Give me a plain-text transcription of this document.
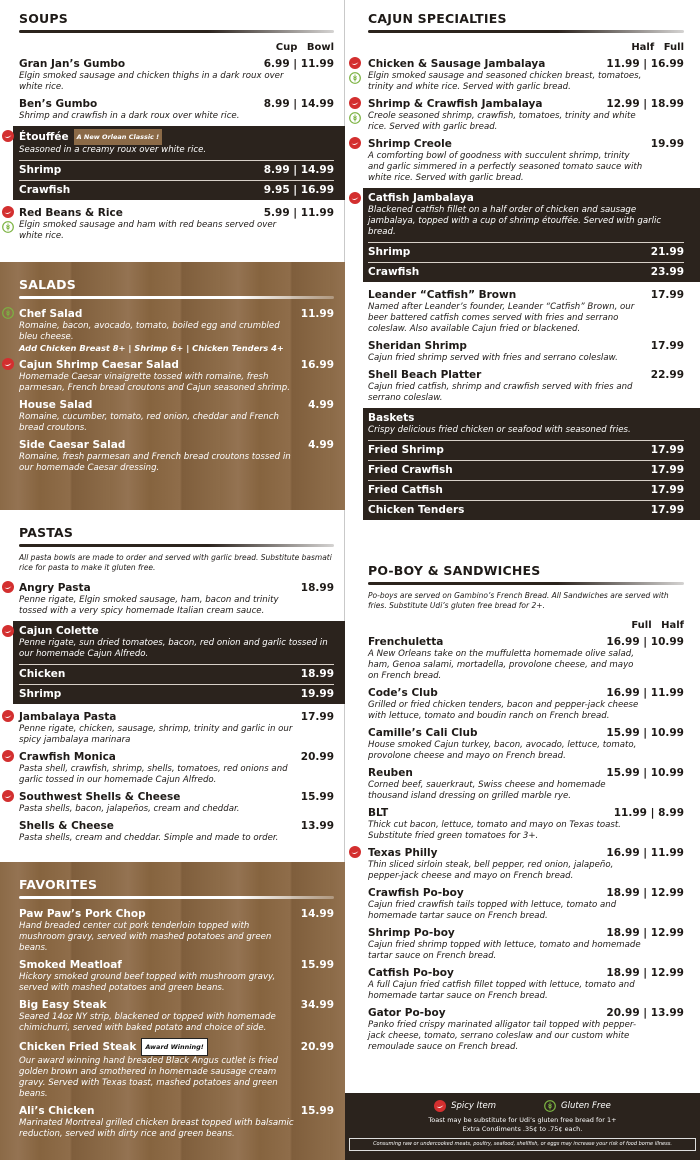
SOUPS
Cup Bowl
Gran Jan’s Gumbo	6.99 | 11.99
Elgin smoked sausage and chicken thighs in a dark roux over white rice.
Ben’s Gumbo	8.99 | 14.99
Shrimp and crawfish in a dark roux over white rice.
Étouffée	A New Orlean Classic !
Seasoned in a creamy roux over white rice.
Shrimp	8.99 | 14.99
Crawfish	9.95 | 16.99
Red Beans & Rice	5.99 | 11.99
Elgin smoked sausage and ham with red beans served over white rice.
SALADS
Chef Salad	11.99
Romaine, bacon, avocado, tomato, boiled egg and crumbled bleu cheese.
Add Chicken Breast 8+ | Shrimp 6+ | Chicken Tenders 4+
Cajun Shrimp Caesar Salad	16.99
Homemade Caesar vinaigrette tossed with romaine, fresh parmesan, French bread croutons and Cajun seasoned shrimp.
House Salad	4.99
Romaine, cucumber, tomato, red onion, cheddar and French bread croutons.
Side Caesar Salad	4.99
Romaine, fresh parmesan and French bread croutons tossed in our homemade Caesar dressing.
PASTAS
All pasta bowls are made to order and served with garlic bread. Substitute basmati rice for pasta to make it gluten free.
Angry Pasta	18.99
Penne rigate, Elgin smoked sausage, ham, bacon and trinity tossed with a very spicy homemade Italian cream sauce.
Cajun Colette
Penne rigate, sun dried tomatoes, bacon, red onion and garlic tossed in our homemade Cajun Alfredo.
Chicken	18.99
Shrimp	19.99
Jambalaya Pasta	17.99
Penne rigate, chicken, sausage, shrimp, trinity and garlic in our spicy jambalaya marinara
Crawfish Monica	20.99
Pasta shell, crawfish, shrimp, shells, tomatoes, red onions and garlic tossed in our homemade Cajun Alfredo.
Southwest Shells & Cheese	15.99
Pasta shells, bacon, jalapeños, cream and cheddar.
Shells & Cheese	13.99
Pasta shells, cream and cheddar. Simple and made to order.
FAVORITES
Paw Paw’s Pork Chop	14.99
Hand breaded center cut pork tenderloin topped with mushroom gravy, served with mashed potatoes and green beans.
Smoked Meatloaf	15.99
Hickory smoked ground beef topped with mushroom gravy, served with mashed potatoes and green beans.
Big Easy Steak	34.99
Seared 14oz NY strip, blackened or topped with homemade chimichurri, served with baked potato and choice of side.
Chicken Fried Steak	Award Winning!	20.99
Our award winning hand breaded Black Angus cutlet is fried golden brown and smothered in homemade sausage cream gravy. Served with Texas toast, mashed potatoes and green beans.
Ali’s Chicken	15.99
Marinated Montreal grilled chicken breast topped with balsamic reduction, served with dirty rice and green beans.
CAJUN SPECIALTIES
Half Full
Chicken & Sausage Jambalaya	11.99 | 16.99
Elgin smoked sausage and seasoned chicken breast, tomatoes, trinity and white rice. Served with garlic bread.
Shrimp & Crawfish Jambalaya	12.99 | 18.99
Creole seasoned shrimp, crawfish, tomatoes, trinity and white rice. Served with garlic bread.
Shrimp Creole	19.99
A comforting bowl of goodness with succulent shrimp, trinity and garlic simmered in a perfectly seasoned tomato sauce with white rice. Served with garlic bread.
Catfish Jambalaya
Blackened catfish fillet on a half order of chicken and sausage jambalaya, topped with a cup of shrimp étouffée. Served with garlic bread.
Shrimp	21.99
Crawfish	23.99
Leander “Catfish” Brown	17.99
Named after Leander’s founder, Leander “Catfish” Brown, our beer battered catfish comes served with fries and serrano coleslaw. Also available Cajun fried or blackened.
Sheridan Shrimp	17.99
Cajun fried shrimp served with fries and serrano coleslaw.
Shell Beach Platter	22.99
Cajun fried catfish, shrimp and crawfish served with fries and serrano coleslaw.
Baskets
Crispy delicious fried chicken or seafood with seasoned fries.
Fried Shrimp	17.99
Fried Crawfish	17.99
Fried Catfish	17.99
Chicken Tenders	17.99
PO-BOY & SANDWICHES
Po-boys are served on Gambino’s French Bread. All Sandwiches are served with fries. Substitute Udi’s gluten free bread for 2+.
Full Half
Frenchuletta	16.99 | 10.99
A New Orleans take on the muffuletta homemade olive salad, ham, Genoa salami, mortadella, provolone cheese, and mayo on French bread.
Code’s Club	16.99 | 11.99
Grilled or fried chicken tenders, bacon and pepper-jack cheese with lettuce, tomato and boudin ranch on French bread.
Camille’s Cali Club	15.99 | 10.99
House smoked Cajun turkey, bacon, avocado, lettuce, tomato, provolone cheese and mayo on French bread.
Reuben	15.99 | 10.99
Corned beef, sauerkraut, Swiss cheese and homemade thousand island dressing on grilled marble rye.
BLT	11.99 | 8.99
Thick cut bacon, lettuce, tomato and mayo on Texas toast. Substitute fried green tomatoes for 3+.
Texas Philly	16.99 | 11.99
Thin sliced sirloin steak, bell pepper, red onion, jalapeño, pepper-jack cheese and mayo on French bread.
Crawfish Po-boy	18.99 | 12.99
Cajun fried crawfish tails topped with lettuce, tomato and homemade tartar sauce on French bread.
Shrimp Po-boy	18.99 | 12.99
Cajun fried shrimp topped with lettuce, tomato and homemade tartar sauce on French bread.
Catfish Po-boy	18.99 | 12.99
A full Cajun fried catfish fillet topped with lettuce, tomato and homemade tartar sauce on French bread.
Gator Po-boy	20.99 | 13.99
Panko fried crispy marinated alligator tail topped with pepper-jack cheese, tomato, serrano coleslaw and our custom white remoulade sauce on French bread.
Spicy Item	Gluten Free
Toast may be substitute for Udi’s gluten free bread for 1+
Extra Condiments .35¢ to .75¢ each.
Consuming raw or undercooked meats, poultry, seafood, shellfish, or eggs may increase your risk of food borne illness.
